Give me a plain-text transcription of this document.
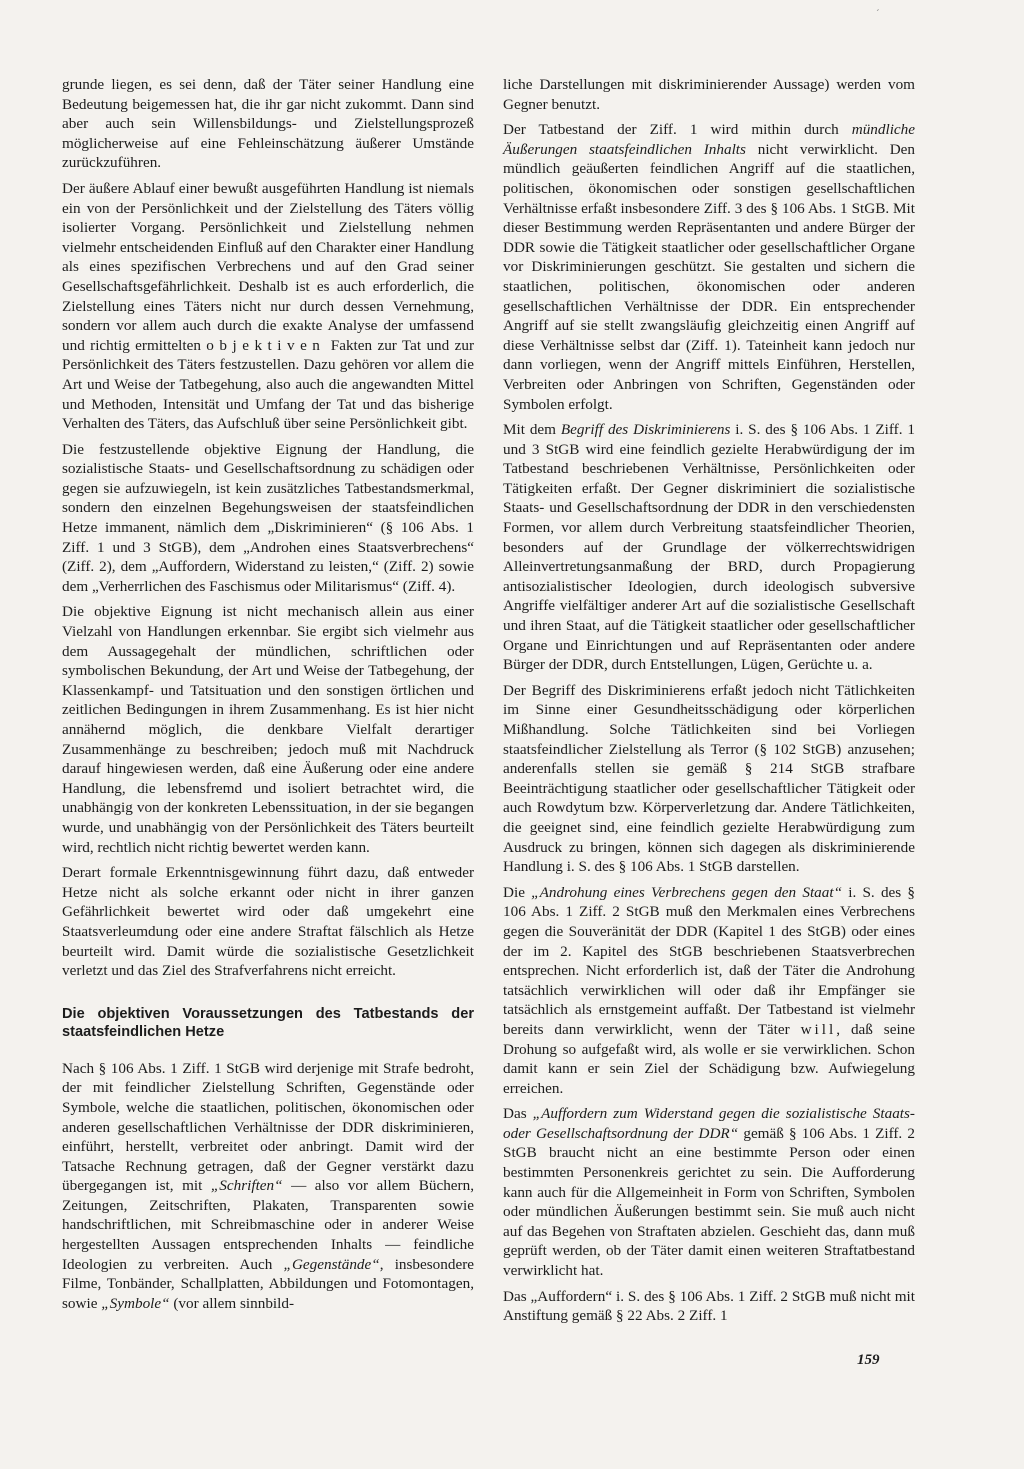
´

grunde liegen, es sei denn, daß der Täter seiner Handlung eine Bedeutung beigemessen hat, die ihr gar nicht zukommt. Dann sind aber auch sein Willensbildungs- und Zielstellungsprozeß möglicherweise auf eine Fehleinschätzung äußerer Umstände zurückzuführen.

Der äußere Ablauf einer bewußt ausgeführten Handlung ist niemals ein von der Persönlichkeit und der Zielstellung des Täters völlig isolierter Vorgang. Persönlichkeit und Zielstellung nehmen vielmehr entscheidenden Einfluß auf den Charakter einer Handlung als eines spezifischen Verbrechens und auf den Grad seiner Gesellschaftsgefährlichkeit. Deshalb ist es auch erforderlich, die Zielstellung eines Täters nicht nur durch dessen Vernehmung, sondern vor allem auch durch die exakte Analyse der umfassend und richtig ermittelten objektiven Fakten zur Tat und zur Persönlichkeit des Täters festzustellen. Dazu gehören vor allem die Art und Weise der Tatbegehung, also auch die angewandten Mittel und Methoden, Intensität und Umfang der Tat und das bisherige Verhalten des Täters, das Aufschluß über seine Persönlichkeit gibt.

Die festzustellende objektive Eignung der Handlung, die sozialistische Staats- und Gesellschaftsordnung zu schädigen oder gegen sie aufzuwiegeln, ist kein zusätzliches Tatbestandsmerkmal, sondern den einzelnen Begehungsweisen der staatsfeindlichen Hetze immanent, nämlich dem „Diskriminieren“ (§ 106 Abs. 1 Ziff. 1 und 3 StGB), dem „Androhen eines Staatsverbrechens“ (Ziff. 2), dem „Auffordern, Widerstand zu leisten,“ (Ziff. 2) sowie dem „Verherrlichen des Faschismus oder Militarismus“ (Ziff. 4).

Die objektive Eignung ist nicht mechanisch allein aus einer Vielzahl von Handlungen erkennbar. Sie ergibt sich vielmehr aus dem Aussagegehalt der mündlichen, schriftlichen oder symbolischen Bekundung, der Art und Weise der Tatbegehung, der Klassenkampf- und Tatsituation und den sonstigen örtlichen und zeitlichen Bedingungen in ihrem Zusammenhang. Es ist hier nicht annähernd möglich, die denkbare Vielfalt derartiger Zusammenhänge zu beschreiben; jedoch muß mit Nachdruck darauf hingewiesen werden, daß eine Äußerung oder eine andere Handlung, die lebensfremd und isoliert betrachtet wird, die unabhängig von der konkreten Lebenssituation, in der sie begangen wurde, und unabhängig von der Persönlichkeit des Täters beurteilt wird, rechtlich nicht richtig bewertet werden kann.

Derart formale Erkenntnisgewinnung führt dazu, daß entweder Hetze nicht als solche erkannt oder nicht in ihrer ganzen Gefährlichkeit bewertet wird oder daß umgekehrt eine Staatsverleumdung oder eine andere Straftat fälschlich als Hetze beurteilt wird. Damit würde die sozialistische Gesetzlichkeit verletzt und das Ziel des Strafverfahrens nicht erreicht.

Die objektiven Voraussetzungen des Tatbestands der staatsfeindlichen Hetze

Nach § 106 Abs. 1 Ziff. 1 StGB wird derjenige mit Strafe bedroht, der mit feindlicher Zielstellung Schriften, Gegenstände oder Symbole, welche die staatlichen, politischen, ökonomischen oder anderen gesellschaftlichen Verhältnisse der DDR diskriminieren, einführt, herstellt, verbreitet oder anbringt. Damit wird der Tatsache Rechnung getragen, daß der Gegner verstärkt dazu übergegangen ist, mit „Schriften“ — also vor allem Büchern, Zeitungen, Zeitschriften, Plakaten, Transparenten sowie handschriftlichen, mit Schreibmaschine oder in anderer Weise hergestellten Aussagen entsprechenden Inhalts — feindliche Ideologien zu verbreiten. Auch „Gegenstände“, insbesondere Filme, Tonbänder, Schallplatten, Abbildungen und Fotomontagen, sowie „Symbole“ (vor allem sinnbild-

liche Darstellungen mit diskriminierender Aussage) werden vom Gegner benutzt.

Der Tatbestand der Ziff. 1 wird mithin durch mündliche Äußerungen staatsfeindlichen Inhalts nicht verwirklicht. Den mündlich geäußerten feindlichen Angriff auf die staatlichen, politischen, ökonomischen oder sonstigen gesellschaftlichen Verhältnisse erfaßt insbesondere Ziff. 3 des § 106 Abs. 1 StGB. Mit dieser Bestimmung werden Repräsentanten und andere Bürger der DDR sowie die Tätigkeit staatlicher oder gesellschaftlicher Organe vor Diskriminierungen geschützt. Sie gestalten und sichern die staatlichen, politischen, ökonomischen oder anderen gesellschaftlichen Verhältnisse der DDR. Ein entsprechender Angriff auf sie stellt zwangsläufig gleichzeitig einen Angriff auf diese Verhältnisse selbst dar (Ziff. 1). Tateinheit kann jedoch nur dann vorliegen, wenn der Angriff mittels Einführen, Herstellen, Verbreiten oder Anbringen von Schriften, Gegenständen oder Symbolen erfolgt.

Mit dem Begriff des Diskriminierens i. S. des § 106 Abs. 1 Ziff. 1 und 3 StGB wird eine feindlich gezielte Herabwürdigung der im Tatbestand beschriebenen Verhältnisse, Persönlichkeiten oder Tätigkeiten erfaßt. Der Gegner diskriminiert die sozialistische Staats- und Gesellschaftsordnung der DDR in den verschiedensten Formen, vor allem durch Verbreitung staatsfeindlicher Theorien, besonders auf der Grundlage der völkerrechtswidrigen Alleinvertretungsanmaßung der BRD, durch Propagierung antisozialistischer Ideologien, durch ideologisch subversive Angriffe vielfältiger anderer Art auf die sozialistische Gesellschaft und ihren Staat, auf die Tätigkeit staatlicher oder gesellschaftlicher Organe und Einrichtungen und auf Repräsentanten oder andere Bürger der DDR, durch Entstellungen, Lügen, Gerüchte u. a.

Der Begriff des Diskriminierens erfaßt jedoch nicht Tätlichkeiten im Sinne einer Gesundheitsschädigung oder körperlichen Mißhandlung. Solche Tätlichkeiten sind bei Vorliegen staatsfeindlicher Zielstellung als Terror (§ 102 StGB) anzusehen; anderenfalls stellen sie gemäß § 214 StGB strafbare Beeinträchtigung staatlicher oder gesellschaftlicher Tätigkeit oder auch Rowdytum bzw. Körperverletzung dar. Andere Tätlichkeiten, die geeignet sind, eine feindlich gezielte Herabwürdigung zum Ausdruck zu bringen, können sich dagegen als diskriminierende Handlung i. S. des § 106 Abs. 1 StGB darstellen.

Die „Androhung eines Verbrechens gegen den Staat“ i. S. des § 106 Abs. 1 Ziff. 2 StGB muß den Merkmalen eines Verbrechens gegen die Souveränität der DDR (Kapitel 1 des StGB) oder eines der im 2. Kapitel des StGB beschriebenen Staatsverbrechen entsprechen. Nicht erforderlich ist, daß der Täter die Androhung tatsächlich verwirklichen will oder daß ihr Empfänger sie tatsächlich als ernstgemeint auffaßt. Der Tatbestand ist vielmehr bereits dann verwirklicht, wenn der Täter will, daß seine Drohung so aufgefaßt wird, als wolle er sie verwirklichen. Schon damit kann er sein Ziel der Schädigung bzw. Aufwiegelung erreichen.

Das „Auffordern zum Widerstand gegen die sozialistische Staats- oder Gesellschaftsordnung der DDR“ gemäß § 106 Abs. 1 Ziff. 2 StGB braucht nicht an eine bestimmte Person oder einen bestimmten Personenkreis gerichtet zu sein. Die Aufforderung kann auch für die Allgemeinheit in Form von Schriften, Symbolen oder mündlichen Äußerungen bestimmt sein. Sie muß auch nicht auf das Begehen von Straftaten abzielen. Geschieht das, dann muß geprüft werden, ob der Täter damit einen weiteren Straftatbestand verwirklicht hat.

Das „Auffordern“ i. S. des § 106 Abs. 1 Ziff. 2 StGB muß nicht mit Anstiftung gemäß § 22 Abs. 2 Ziff. 1

159
